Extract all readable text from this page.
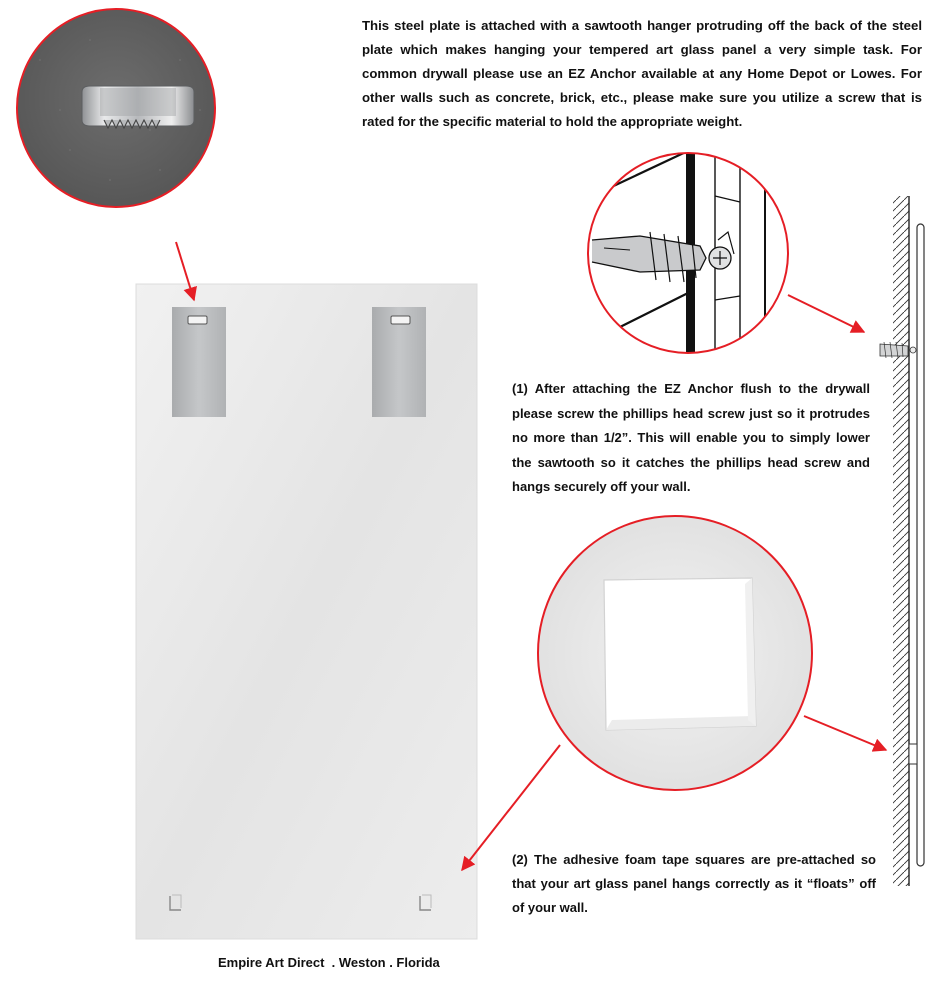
This steel plate is attached with a sawtooth hanger protruding off the back of the steel plate which makes hanging your tempered art glass panel a very simple task. For common drywall please use an EZ Anchor available at any Home Depot or Lowes. For other walls such as concrete, brick, etc., please make sure you utilize a screw that is rated for the specific material to hold the appropriate weight.
(1) After attaching the EZ Anchor flush to the drywall please screw the phillips head screw just so it protrudes no more than 1/2”. This will enable you to simply lower the sawtooth so it catches the phillips head screw and hangs securely off your wall.
(2) The adhesive foam tape squares are pre-attached so that your art glass panel hangs correctly as it “floats” off of your wall.
Empire Art Direct  . Weston . Florida
